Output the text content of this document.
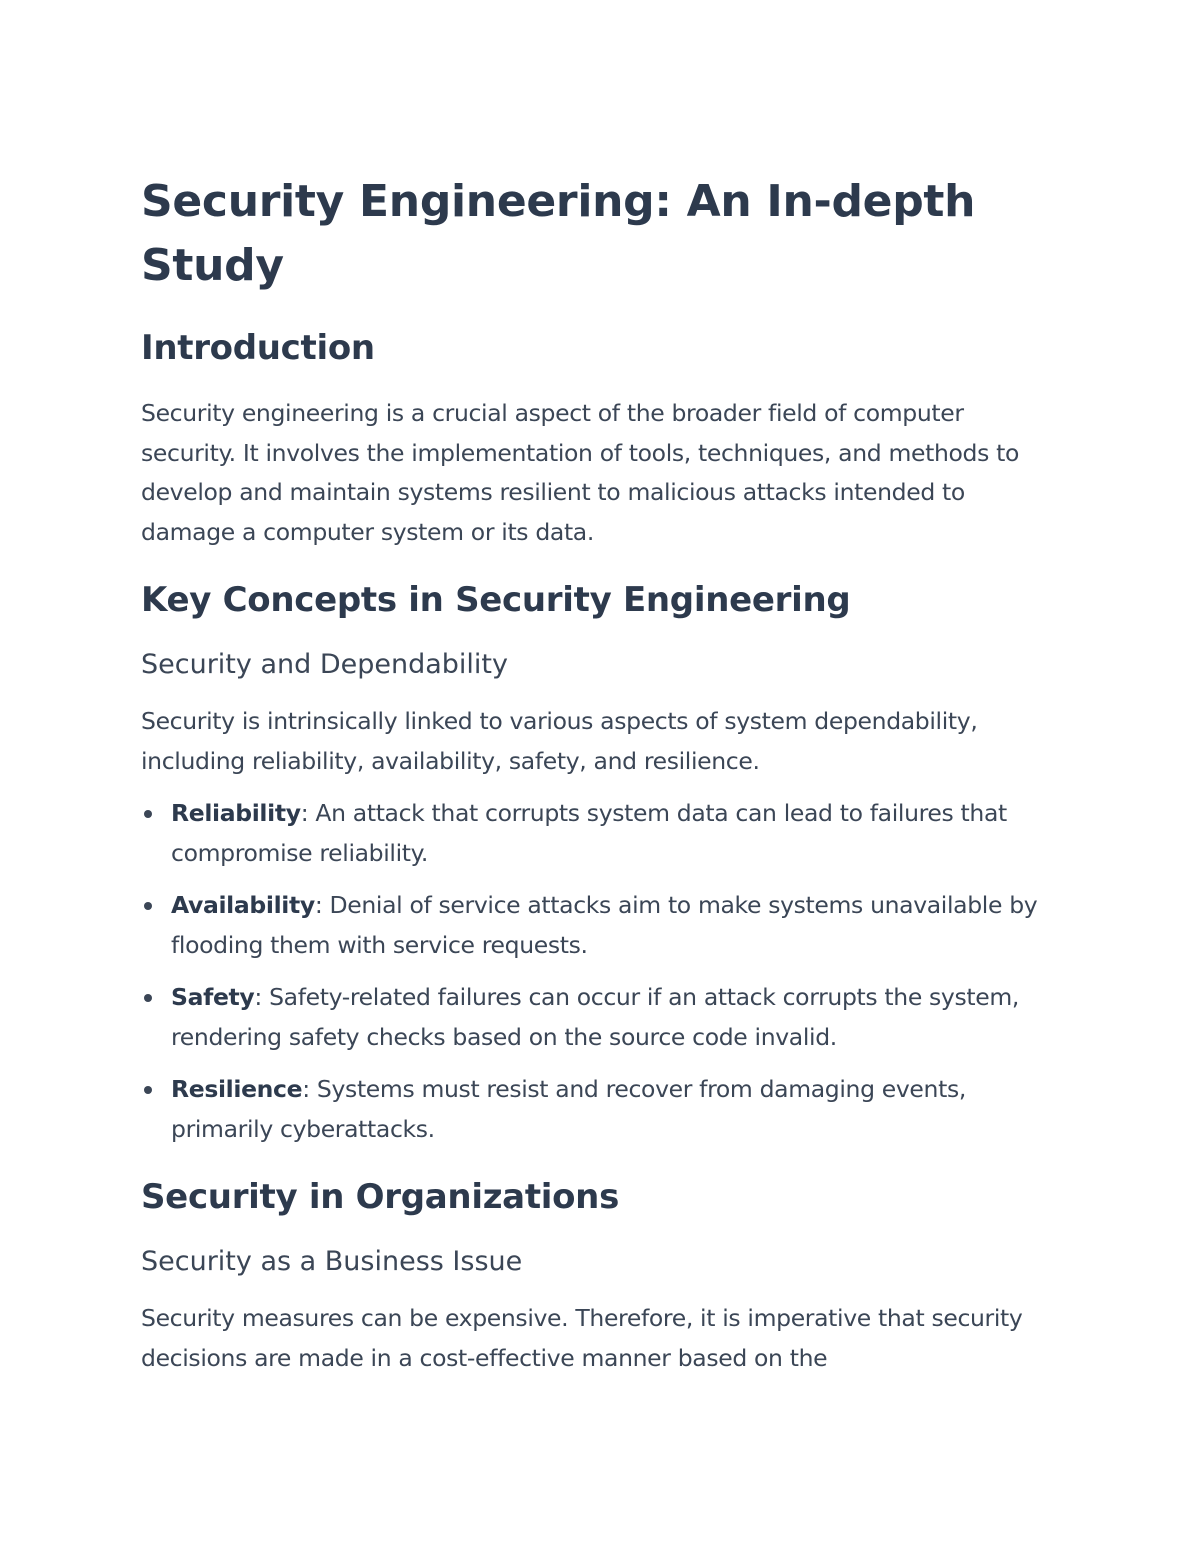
Security Engineering: An In-depth Study
Introduction

Security engineering is a crucial aspect of the broader field of computer security. It involves the implementation of tools, techniques, and methods to develop and maintain systems resilient to malicious attacks intended to damage a computer system or its data.

Key Concepts in Security Engineering
Security and Dependability

Security is intrinsically linked to various aspects of system dependability, including reliability, availability, safety, and resilience.

Reliability: An attack that corrupts system data can lead to failures that compromise reliability.
Availability: Denial of service attacks aim to make systems unavailable by flooding them with service requests.
Safety: Safety-related failures can occur if an attack corrupts the system, rendering safety checks based on the source code invalid.
Resilience: Systems must resist and recover from damaging events, primarily cyberattacks.
Security in Organizations
Security as a Business Issue

Security measures can be expensive. Therefore, it is imperative that security decisions are made in a cost-effective manner based on the
